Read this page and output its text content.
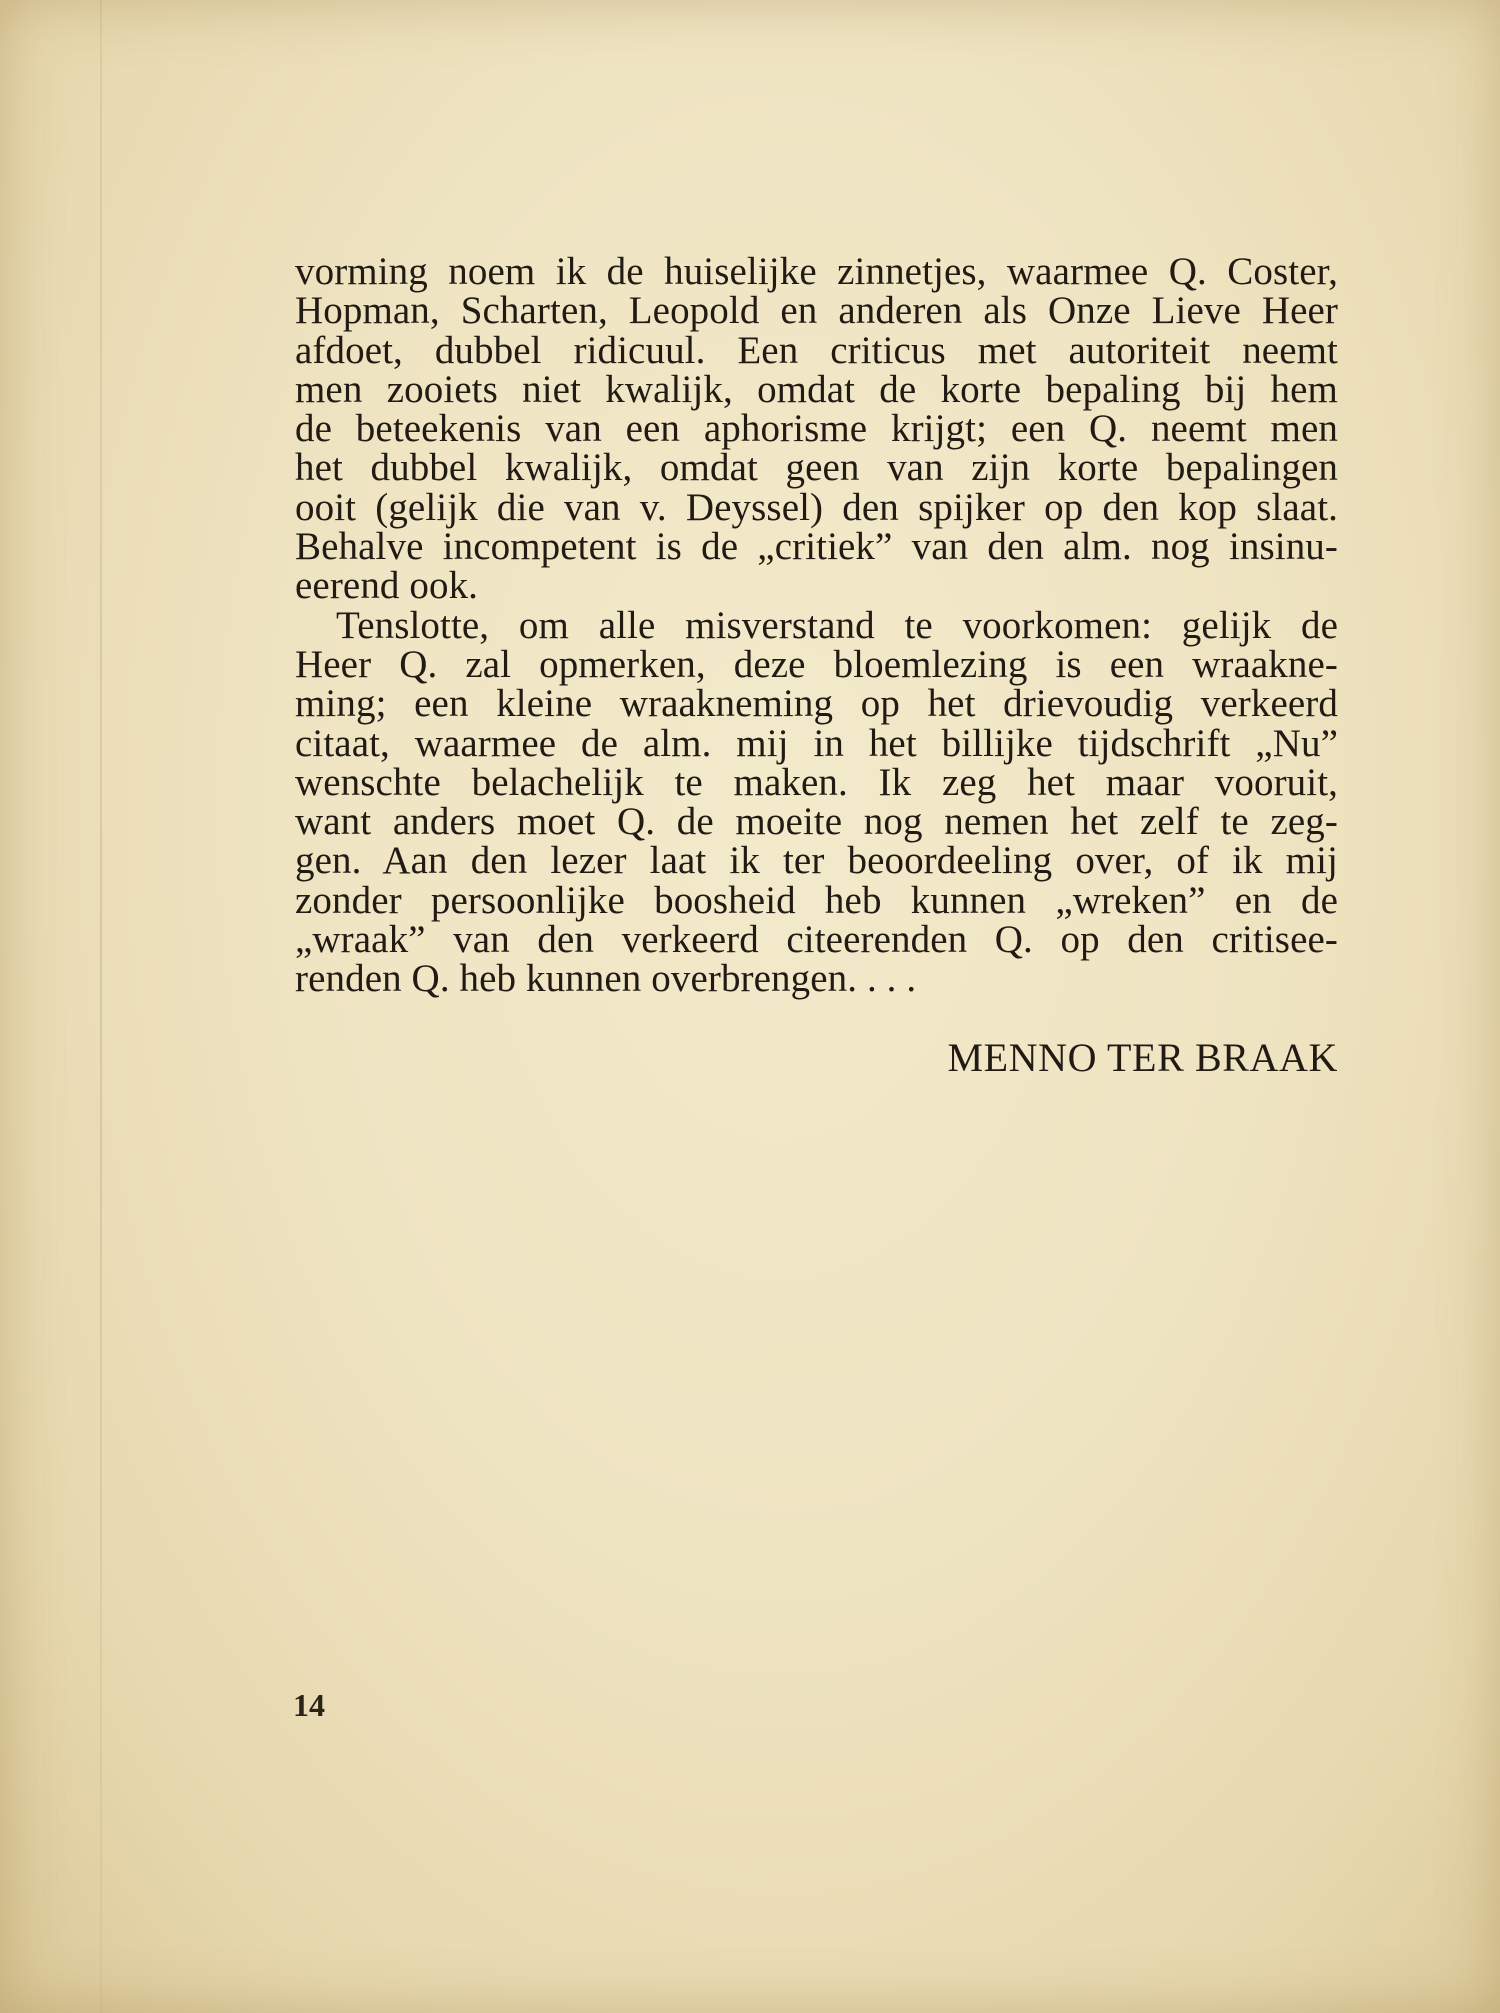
vorming noem ik de huiselijke zinnetjes, waarmee Q. Coster,
Hopman, Scharten, Leopold en anderen als Onze Lieve Heer
afdoet, dubbel ridicuul. Een criticus met autoriteit neemt
men zooiets niet kwalijk, omdat de korte bepaling bij hem
de beteekenis van een aphorisme krijgt; een Q. neemt men
het dubbel kwalijk, omdat geen van zijn korte bepalingen
ooit (gelijk die van v. Deyssel) den spijker op den kop slaat.
Behalve incompetent is de „critiek” van den alm. nog insinu-
eerend ook.
Tenslotte, om alle misverstand te voorkomen: gelijk de
Heer Q. zal opmerken, deze bloemlezing is een wraakne-
ming; een kleine wraakneming op het drievoudig verkeerd
citaat, waarmee de alm. mij in het billijke tijdschrift „Nu”
wenschte belachelijk te maken. Ik zeg het maar vooruit,
want anders moet Q. de moeite nog nemen het zelf te zeg-
gen. Aan den lezer laat ik ter beoordeeling over, of ik mij
zonder persoonlijke boosheid heb kunnen „wreken” en de
„wraak” van den verkeerd citeerenden Q. op den critisee-
renden Q. heb kunnen overbrengen. . . .
MENNO TER BRAAK
14
